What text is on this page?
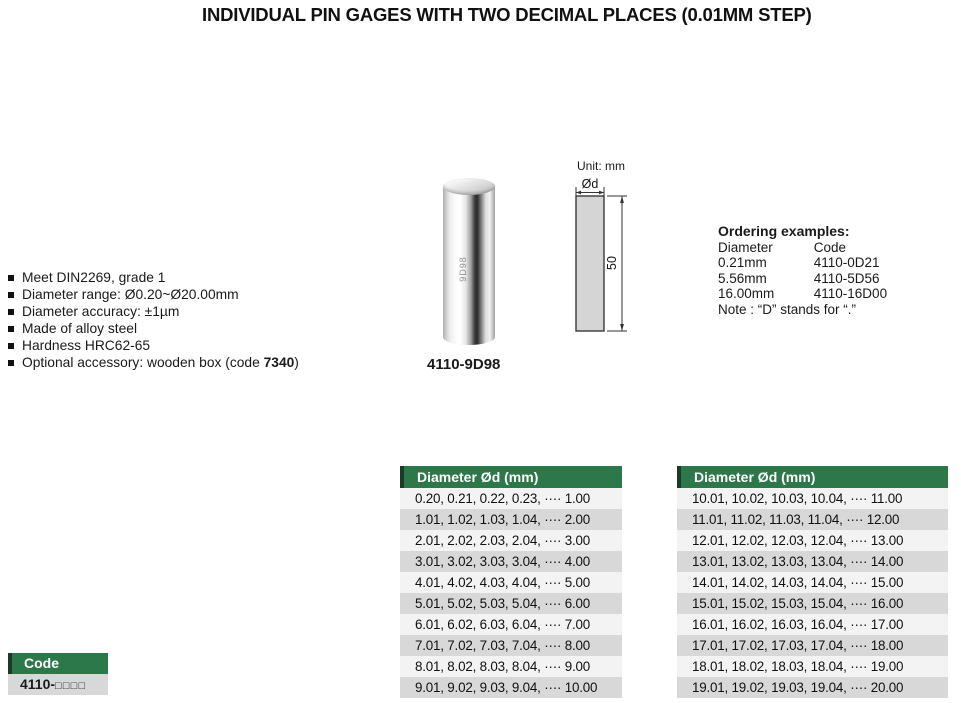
INDIVIDUAL PIN GAGES WITH TWO DECIMAL PLACES (0.01MM STEP)
Meet DIN2269, grade 1
Diameter range: Ø0.20~Ø20.00mm
Diameter accuracy: ±1µm
Made of alloy steel
Hardness HRC62-65
Optional accessory: wooden box (code 7340)
9D98
4110-9D98
Unit: mm
Ød
50
Ordering examples:
Diameter	Code
0.21mm	4110-0D21
5.56mm	4110-5D56
16.00mm	4110-16D00
Note : “D” stands for “.”
Diameter Ød (mm)
0.20, 0.21, 0.22, 0.23, ···· 1.00
1.01, 1.02, 1.03, 1.04, ···· 2.00
2.01, 2.02, 2.03, 2.04, ···· 3.00
3.01, 3.02, 3.03, 3.04, ···· 4.00
4.01, 4.02, 4.03, 4.04, ···· 5.00
5.01, 5.02, 5.03, 5.04, ···· 6.00
6.01, 6.02, 6.03, 6.04, ···· 7.00
7.01, 7.02, 7.03, 7.04, ···· 8.00
8.01, 8.02, 8.03, 8.04, ···· 9.00
9.01, 9.02, 9.03, 9.04, ···· 10.00
Diameter Ød (mm)
10.01, 10.02, 10.03, 10.04, ···· 11.00
11.01, 11.02, 11.03, 11.04, ···· 12.00
12.01, 12.02, 12.03, 12.04, ···· 13.00
13.01, 13.02, 13.03, 13.04, ···· 14.00
14.01, 14.02, 14.03, 14.04, ···· 15.00
15.01, 15.02, 15.03, 15.04, ···· 16.00
16.01, 16.02, 16.03, 16.04, ···· 17.00
17.01, 17.02, 17.03, 17.04, ···· 18.00
18.01, 18.02, 18.03, 18.04, ···· 19.00
19.01, 19.02, 19.03, 19.04, ···· 20.00
Code
4110-□□□□
